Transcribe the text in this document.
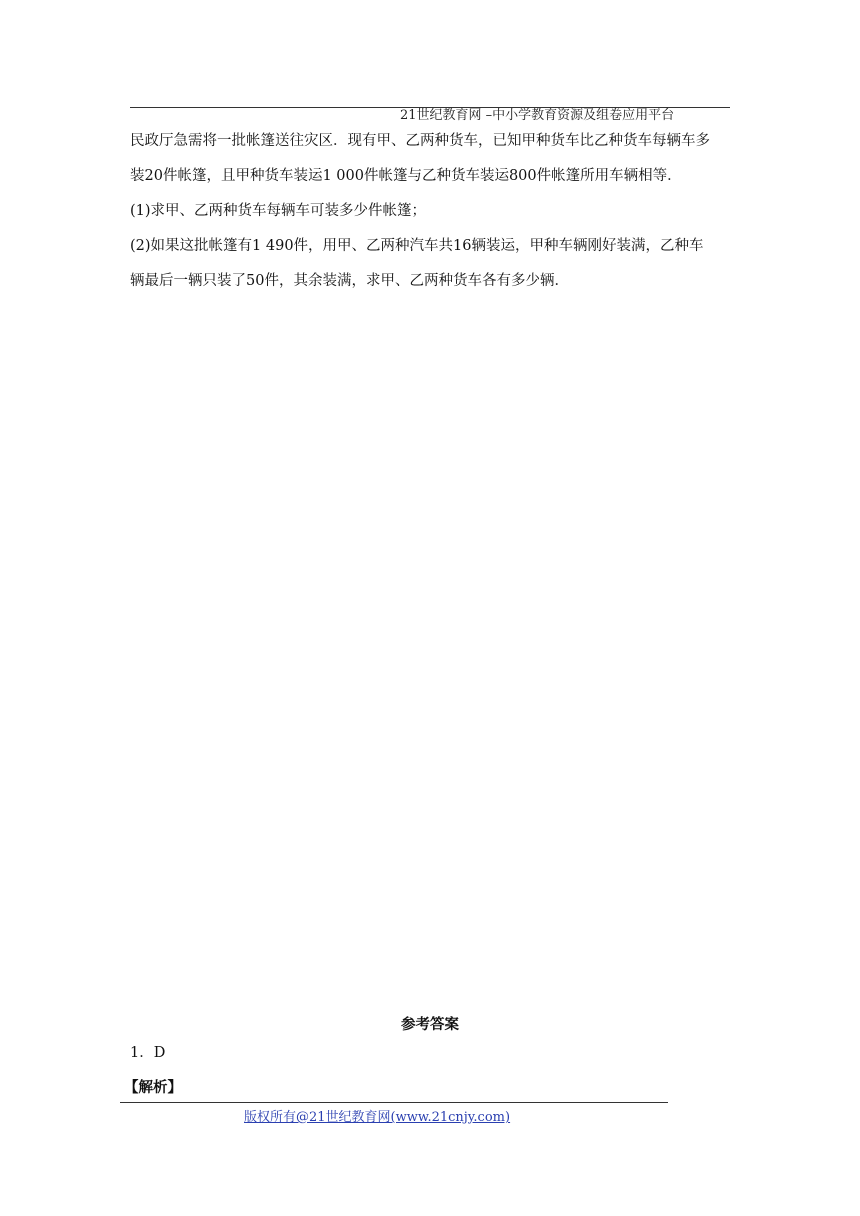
21世纪教育网 –中小学教育资源及组卷应用平台

民政厅急需将一批帐篷送往灾区．现有甲、乙两种货车，已知甲种货车比乙种货车每辆车多

装20件帐篷，且甲种货车装运1 000件帐篷与乙种货车装运800件帐篷所用车辆相等．

(1)求甲、乙两种货车每辆车可装多少件帐篷；

(2)如果这批帐篷有1 490件，用甲、乙两种汽车共16辆装运，甲种车辆刚好装满，乙种车

辆最后一辆只装了50件，其余装满，求甲、乙两种货车各有多少辆．

参考答案
1．D
【解析】
版权所有@21世纪教育网(www.21cnjy.com)
